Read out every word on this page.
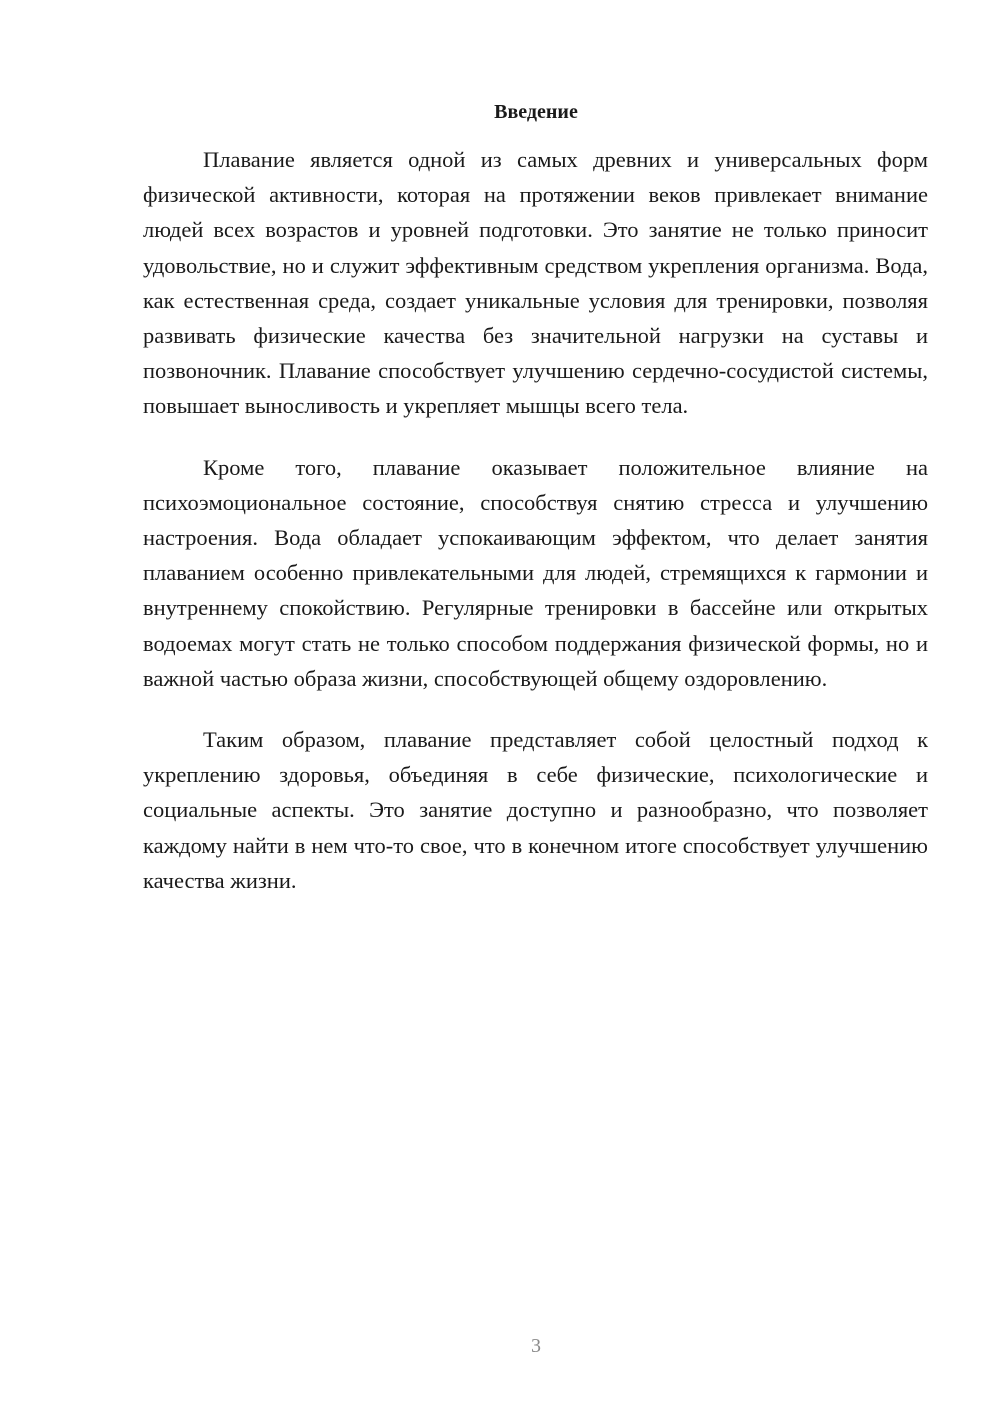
Введение

Плавание является одной из самых древних и универсальных форм физической активности, которая на протяжении веков привлекает внимание людей всех возрастов и уровней подготовки. Это занятие не только приносит удовольствие, но и служит эффективным средством укрепления организма. Вода, как естественная среда, создает уникальные условия для тренировки, позволяя развивать физические качества без значительной нагрузки на суставы и позвоночник. Плавание способствует улучшению сердечно-сосудистой системы, повышает выносливость и укрепляет мышцы всего тела.

Кроме того, плавание оказывает положительное влияние на психоэмоциональное состояние, способствуя снятию стресса и улучшению настроения. Вода обладает успокаивающим эффектом, что делает занятия плаванием особенно привлекательными для людей, стремящихся к гармонии и внутреннему спокойствию. Регулярные тренировки в бассейне или открытых водоемах могут стать не только способом поддержания физической формы, но и важной частью образа жизни, способствующей общему оздоровлению.

Таким образом, плавание представляет собой целостный подход к укреплению здоровья, объединяя в себе физические, психологические и социальные аспекты. Это занятие доступно и разнообразно, что позволяет каждому найти в нем что-то свое, что в конечном итоге способствует улучшению качества жизни.

3
